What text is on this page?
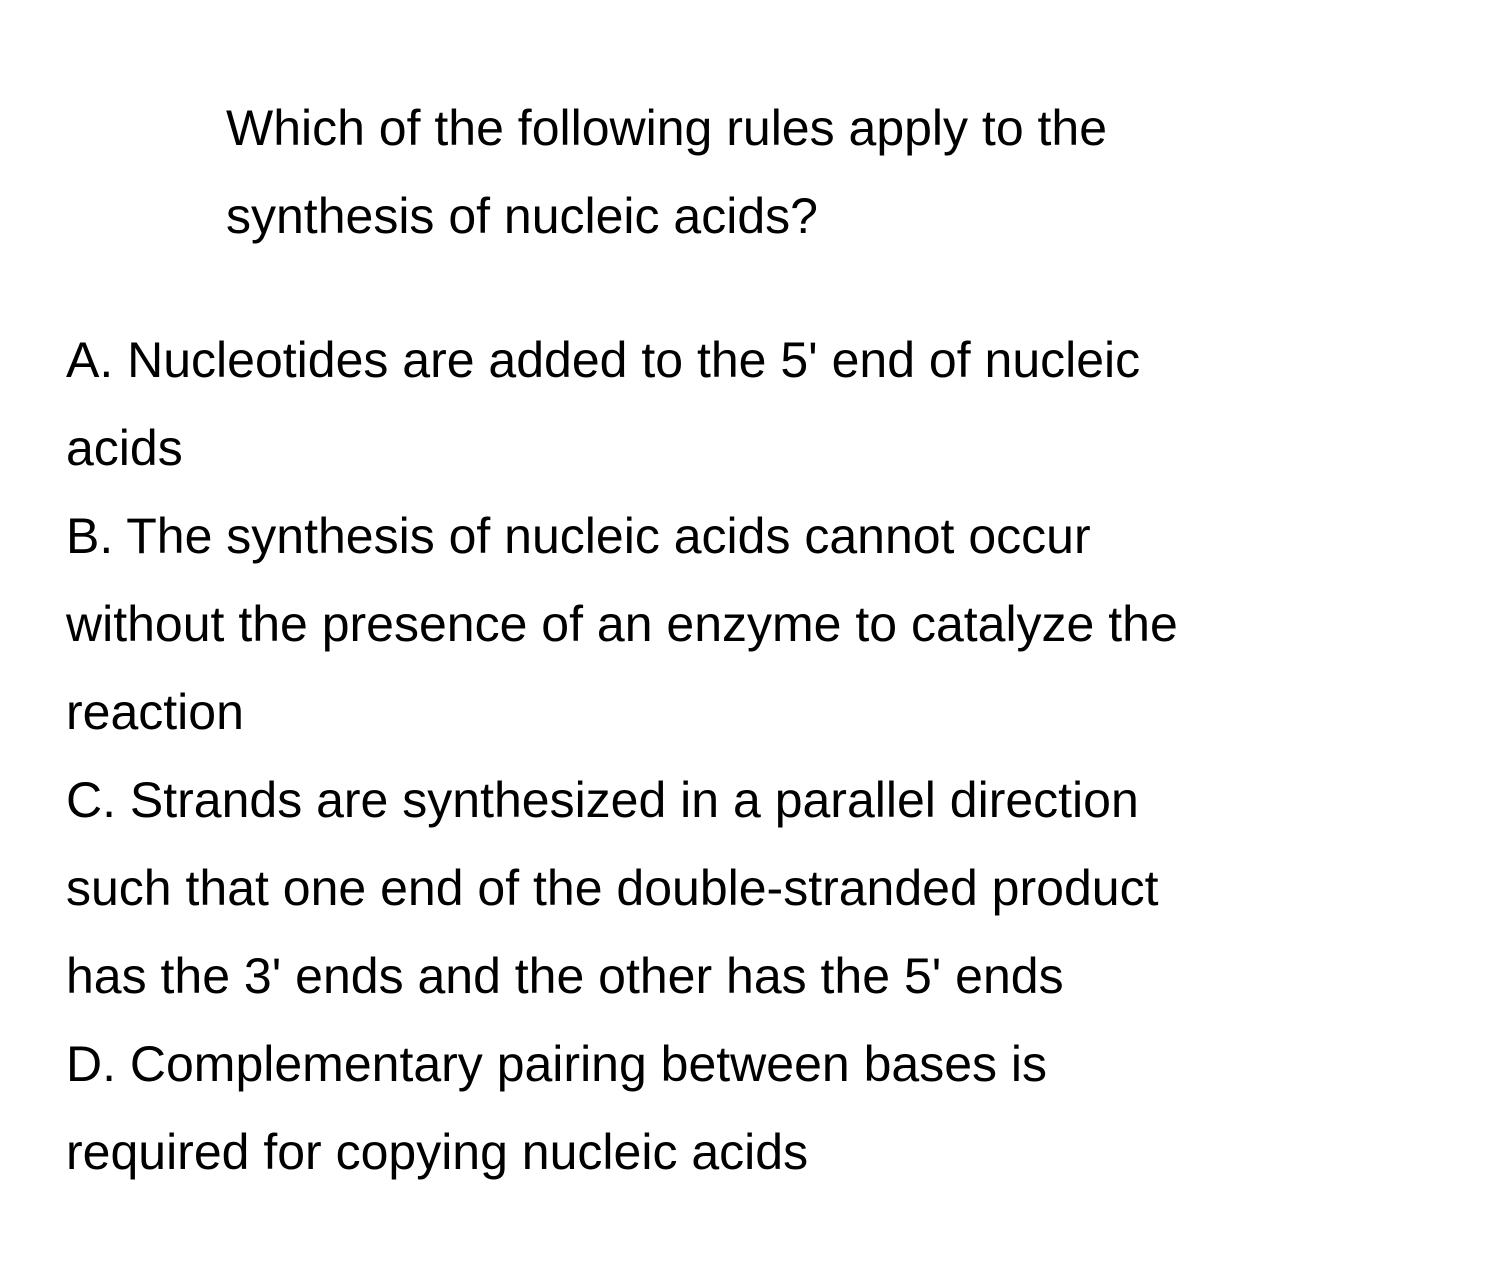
Which of the following rules apply to the
synthesis of nucleic acids?
A. Nucleotides are added to the 5' end of nucleic
acids
B. The synthesis of nucleic acids cannot occur
without the presence of an enzyme to catalyze the
reaction
C. Strands are synthesized in a parallel direction
such that one end of the double-stranded product
has the 3' ends and the other has the 5' ends
D. Complementary pairing between bases is
required for copying nucleic acids
